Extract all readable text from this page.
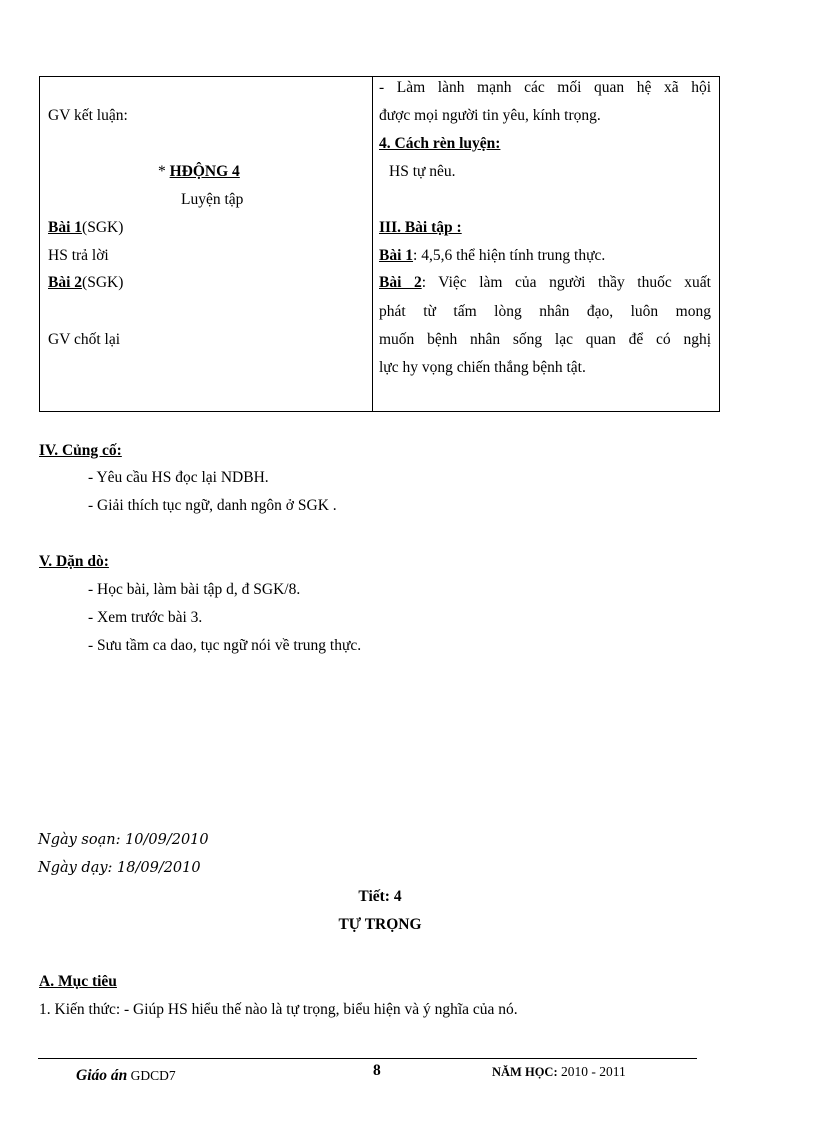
GV kết luận:
* HĐỘNG 4
Luyện tập
Bài 1(SGK)
HS trả lời
Bài 2(SGK)
GV chốt lại

- Làm lành mạnh các mối quan hệ xã hội
được mọi người tin yêu, kính trọng.
4. Cách rèn luyện:
HS tự nêu.
III. Bài tập :
Bài 1: 4,5,6 thể hiện tính trung thực.
Bài 2: Việc làm của người thầy thuốc xuất
phát từ tấm lòng nhân đạo, luôn mong
muốn bệnh nhân sống lạc quan để có nghị
lực hy vọng chiến thắng bệnh tật.
IV. Củng cố:
- Yêu cầu HS đọc lại NDBH.
- Giải thích tục ngữ, danh ngôn ở SGK .
V. Dặn dò:
- Học bài, làm bài tập d, đ SGK/8.
- Xem trước bài 3.
- Sưu tầm ca dao, tục ngữ nói về trung thực.
Ngày soạn: 10/09/2010
Ngày dạy: 18/09/2010
Tiết: 4
TỰ TRỌNG
A. Mục tiêu
1. Kiến thức: - Giúp HS hiểu thế nào là tự trọng, biểu hiện và ý nghĩa của nó.
Giáo án GDCD7	8	NĂM HỌC: 2010 - 2011
